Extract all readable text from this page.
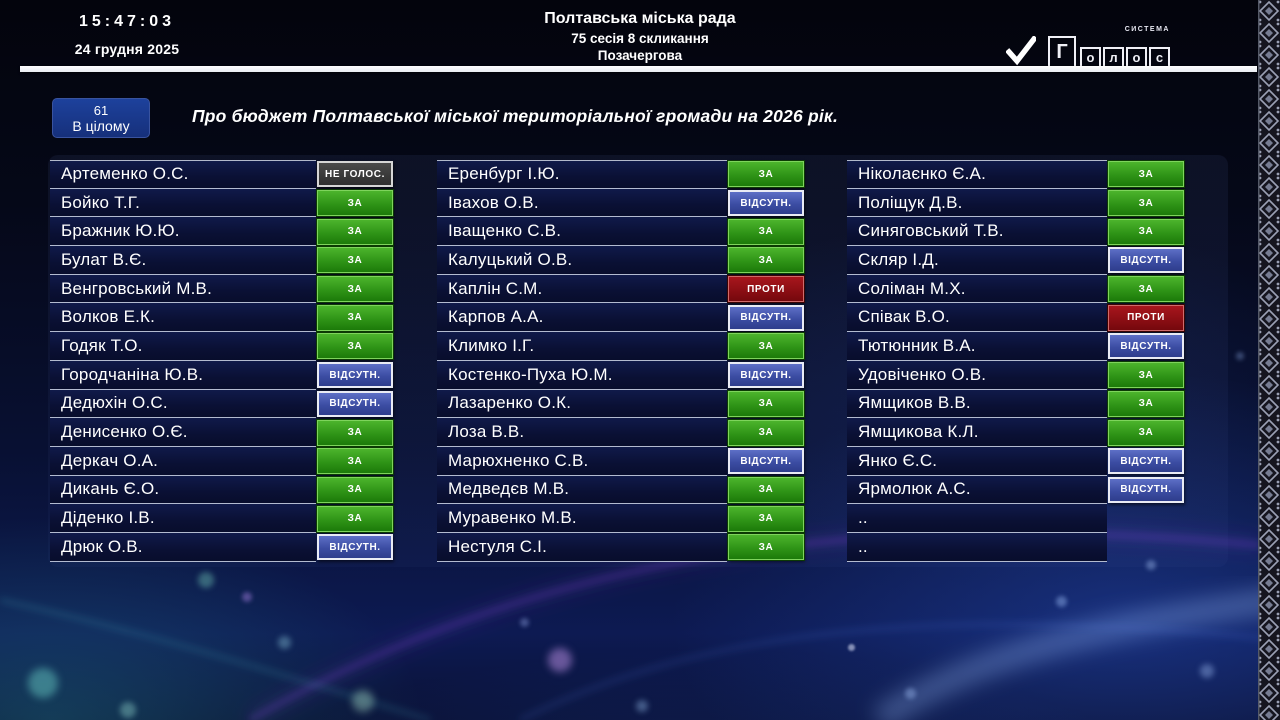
15:47:03
24 грудня 2025
Полтавська міська рада
75 сесія 8 скликання
Позачергова
СИСТЕМА
Г	о	л	о	с
61
В цілому	Про бюджет Полтавської міської територіальної громади на 2026 рік.
Артеменко О.С.	НЕ ГОЛОС.
Бойко Т.Г.	ЗА
Бражник Ю.Ю.	ЗА
Булат В.Є.	ЗА
Венгровський М.В.	ЗА
Волков Е.К.	ЗА
Годяк Т.О.	ЗА
Городчаніна Ю.В.	ВІДСУТН.
Дедюхін О.С.	ВІДСУТН.
Денисенко О.Є.	ЗА
Деркач О.А.	ЗА
Дикань Є.О.	ЗА
Діденко І.В.	ЗА
Дрюк О.В.	ВІДСУТН.
Еренбург І.Ю.	ЗА
Івахов О.В.	ВІДСУТН.
Іващенко С.В.	ЗА
Калуцький О.В.	ЗА
Каплін С.М.	ПРОТИ
Карпов А.А.	ВІДСУТН.
Климко І.Г.	ЗА
Костенко-Пуха Ю.М.	ВІДСУТН.
Лазаренко О.К.	ЗА
Лоза В.В.	ЗА
Марюхненко С.В.	ВІДСУТН.
Медведєв М.В.	ЗА
Муравенко М.В.	ЗА
Нестуля С.І.	ЗА
Ніколаєнко Є.А.	ЗА
Поліщук Д.В.	ЗА
Синяговський Т.В.	ЗА
Скляр І.Д.	ВІДСУТН.
Соліман М.Х.	ЗА
Співак В.О.	ПРОТИ
Тютюнник В.А.	ВІДСУТН.
Удовіченко О.В.	ЗА
Ямщиков В.В.	ЗА
Ямщикова К.Л.	ЗА
Янко Є.С.	ВІДСУТН.
Ярмолюк А.С.	ВІДСУТН.
..
..
